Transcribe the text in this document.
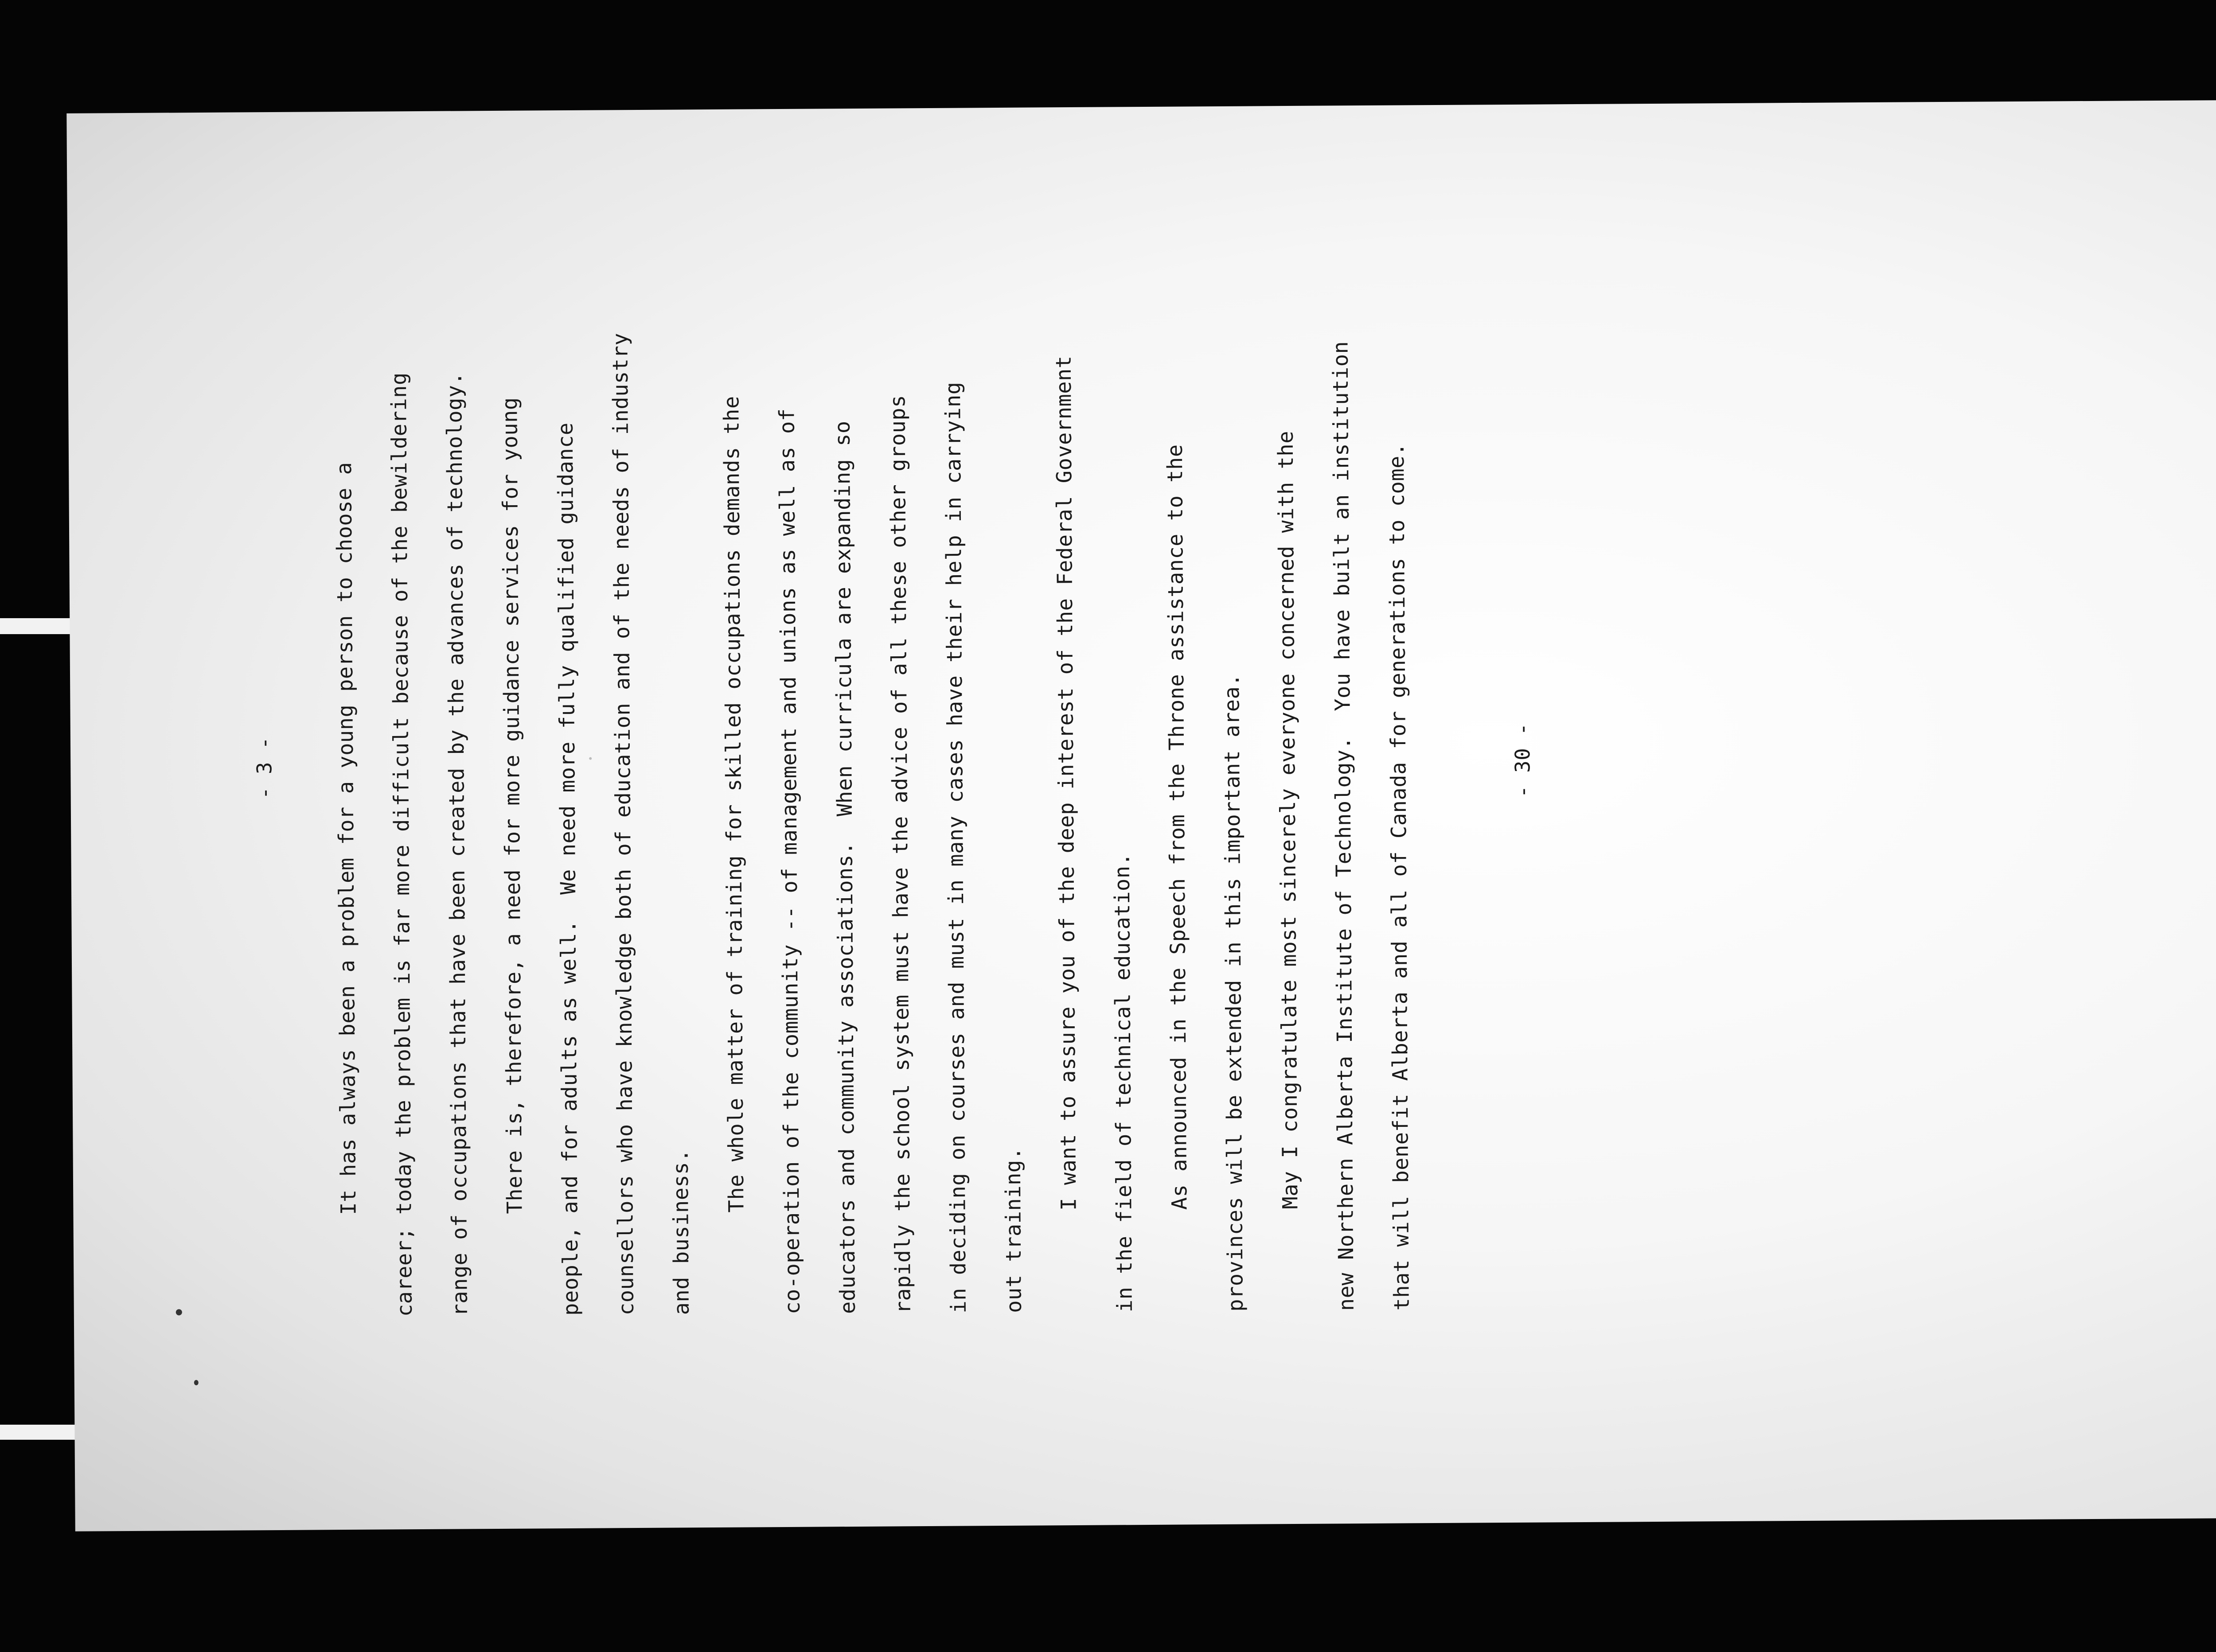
- 3 -	It has always been a problem for a young person to choose a	career; today the problem is far more difficult because of the bewildering	range of occupations that have been created by the advances of technology.	There is, therefore, a need for more guidance services for young	people, and for adults as well.  We need more fully qualified guidance	counsellors who have knowledge both of education and of the needs of industry	and business.	The whole matter of training for skilled occupations demands the	co-operation of the community -- of management and unions as well as of	educators and community associations.  When curricula are expanding so	rapidly the school system must have the advice of all these other groups	in deciding on courses and must in many cases have their help in carrying	out training.	I want to assure you of the deep interest of the Federal Government	in the field of technical education.	As announced in the Speech from the Throne assistance to the	provinces will be extended in this important area.	May I congratulate most sincerely everyone concerned with the	new Northern Alberta Institute of Technology.  You have built an institution	that will benefit Alberta and all of Canada for generations to come.	- 30 -
